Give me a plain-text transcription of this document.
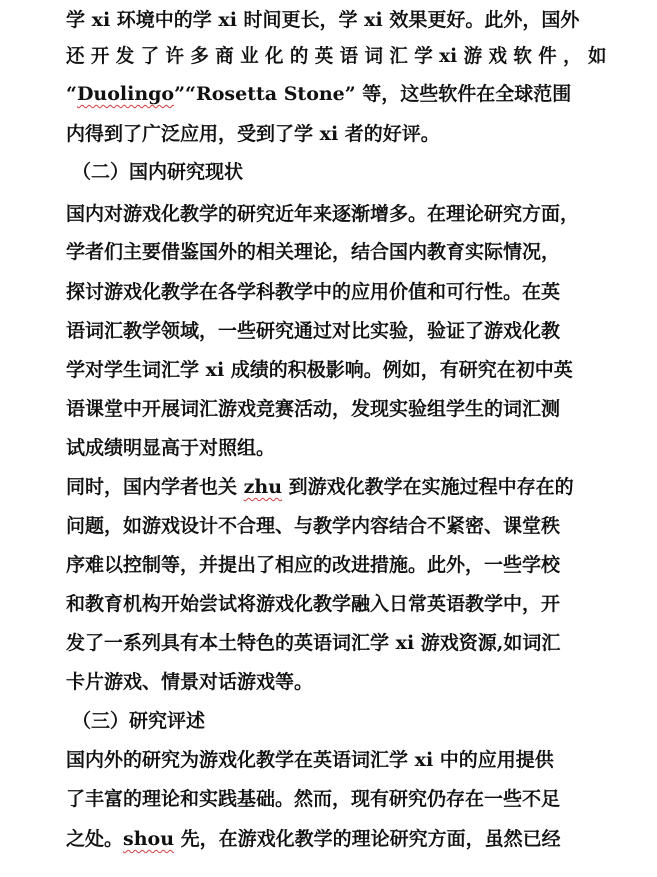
学 xi 环境中的学 xi 时间更长，学 xi 效果更好。此外，国外
还 开 发 了 许 多 商 业 化 的 英 语 词 汇 学 xi 游 戏 软 件 ， 如
“Duolingo”“Rosetta Stone” 等，这些软件在全球范围
内得到了广泛应用，受到了学 xi 者的好评。
（二）国内研究现状
国内对游戏化教学的研究近年来逐渐增多。在理论研究方面，
学者们主要借鉴国外的相关理论，结合国内教育实际情况，
探讨游戏化教学在各学科教学中的应用价值和可行性。在英
语词汇教学领域，一些研究通过对比实验，验证了游戏化教
学对学生词汇学 xi 成绩的积极影响。例如，有研究在初中英
语课堂中开展词汇游戏竞赛活动，发现实验组学生的词汇测
试成绩明显高于对照组。
同时，国内学者也关 zhu 到游戏化教学在实施过程中存在的
问题，如游戏设计不合理、与教学内容结合不紧密、课堂秩
序难以控制等，并提出了相应的改进措施。此外，一些学校
和教育机构开始尝试将游戏化教学融入日常英语教学中，开
发了一系列具有本土特色的英语词汇学 xi 游戏资源,如词汇
卡片游戏、情景对话游戏等。
（三）研究评述
国内外的研究为游戏化教学在英语词汇学 xi 中的应用提供
了丰富的理论和实践基础。然而，现有研究仍存在一些不足
之处。shou 先，在游戏化教学的理论研究方面，虽然已经
